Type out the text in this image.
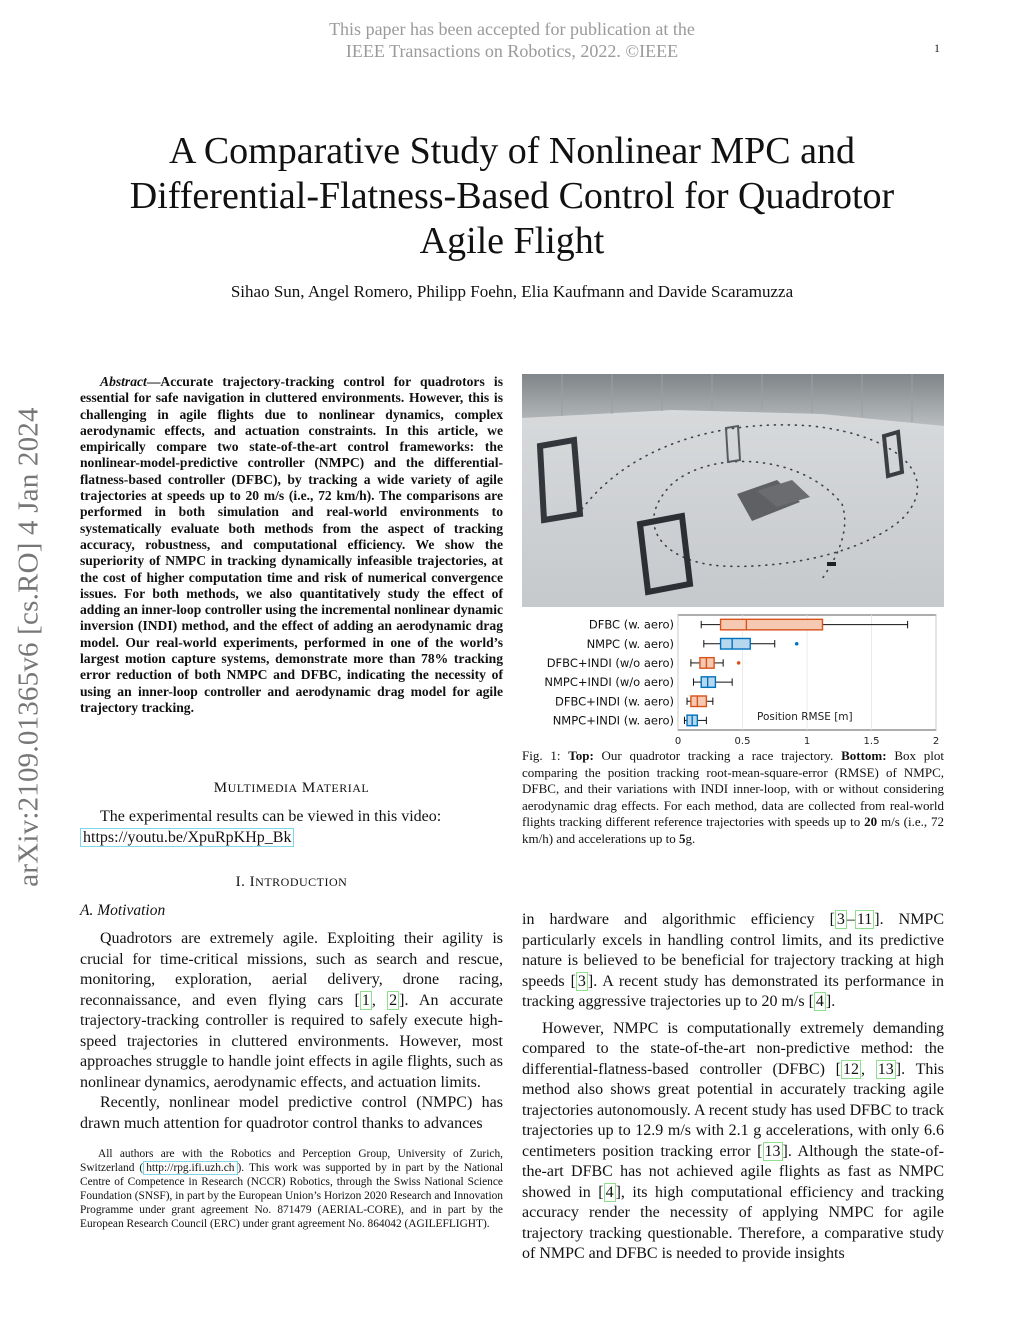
This paper has been accepted for publication at the
IEEE Transactions on Robotics, 2022. ©IEEE	1
A Comparative Study of Nonlinear MPC and
Differential-Flatness-Based Control for Quadrotor
Agile Flight
Sihao Sun, Angel Romero, Philipp Foehn, Elia Kaufmann and Davide Scaramuzza
arXiv:2109.01365v6 [cs.RO] 4 Jan 2024
Abstract—Accurate trajectory-tracking control for quadrotors is essential for safe navigation in cluttered environments. However, this is challenging in agile flights due to nonlinear dynamics, complex aerodynamic effects, and actuation constraints. In this article, we empirically compare two state-of-the-art control frameworks: the nonlinear-model-predictive controller (NMPC) and the differential-flatness-based controller (DFBC), by tracking a wide variety of agile trajectories at speeds up to 20 m/s (i.e., 72 km/h). The comparisons are performed in both simulation and real-world environments to systematically evaluate both methods from the aspect of tracking accuracy, robustness, and computational efficiency. We show the superiority of NMPC in tracking dynamically infeasible trajectories, at the cost of higher computation time and risk of numerical convergence issues. For both methods, we also quantitatively study the effect of adding an inner-loop controller using the incremental nonlinear dynamic inversion (INDI) method, and the effect of adding an aerodynamic drag model. Our real-world experiments, performed in one of the world’s largest motion capture systems, demonstrate more than 78% tracking error reduction of both NMPC and DFBC, indicating the necessity of using an inner-loop controller and aerodynamic drag model for agile trajectory tracking.
MULTIMEDIA MATERIAL

The experimental results can be viewed in this video:

https://youtu.be/XpuRpKHp_Bk

I. INTRODUCTION
A. Motivation

Quadrotors are extremely agile. Exploiting their agility is crucial for time-critical missions, such as search and rescue, monitoring, exploration, aerial delivery, drone racing, reconnaissance, and even flying cars [ 1 , 2 ]. An accurate trajectory-tracking controller is required to safely execute high-speed trajectories in cluttered environments. However, most approaches struggle to handle joint effects in agile flights, such as nonlinear dynamics, aerodynamic effects, and actuation limits.

Recently, nonlinear model predictive control (NMPC) has drawn much attention for quadrotor control thanks to advances

in hardware and algorithmic efficiency [ 3 – 11 ]. NMPC particularly excels in handling control limits, and its predictive nature is believed to be beneficial for trajectory tracking at high speeds [ 3 ]. A recent study has demonstrated its performance in tracking aggressive trajectories up to 20 m/s [ 4 ].

However, NMPC is computationally extremely demanding compared to the state-of-the-art non-predictive method: the differential-flatness-based controller (DFBC) [ 12 , 13 ]. This method also shows great potential in accurately tracking agile trajectories autonomously. A recent study has used DFBC to track trajectories up to 12.9 m/s with 2.1 g accelerations, with only 6.6 centimeters position tracking error [ 13 ]. Although the state-of-the-art DFBC has not achieved agile flights as fast as NMPC showed in [ 4 ], its high computational efficiency and tracking accuracy render the necessity of applying NMPC for agile trajectory tracking questionable. Therefore, a comparative study of NMPC and DFBC is needed to provide insights

All authors are with the Robotics and Perception Group, University of Zurich, Switzerland ( http://rpg.ifi.uzh.ch ). This work was supported by in part by the National Centre of Competence in Research (NCCR) Robotics, through the Swiss National Science Foundation (SNSF), in part by the European Union’s Horizon 2020 Research and Innovation Programme under grant agreement No. 871479 (AERIAL-CORE), and in part by the European Research Council (ERC) under grant agreement No. 864042 (AGILEFLIGHT).

DFBC (w. aero)
NMPC (w. aero)
DFBC+INDI (w/o aero)
NMPC+INDI (w/o aero)
DFBC+INDI (w. aero)
NMPC+INDI (w. aero)
0	0.5	1	1.5	2
Position RMSE [m]
Fig. 1: Top: Our quadrotor tracking a race trajectory. Bottom: Box plot comparing the position tracking root-mean-square-error (RMSE) of NMPC, DFBC, and their variations with INDI inner-loop, with or without considering aerodynamic drag effects. For each method, data are collected from real-world flights tracking different reference trajectories with speeds up to 20 m/s (i.e., 72 km/h) and accelerations up to 5g.
